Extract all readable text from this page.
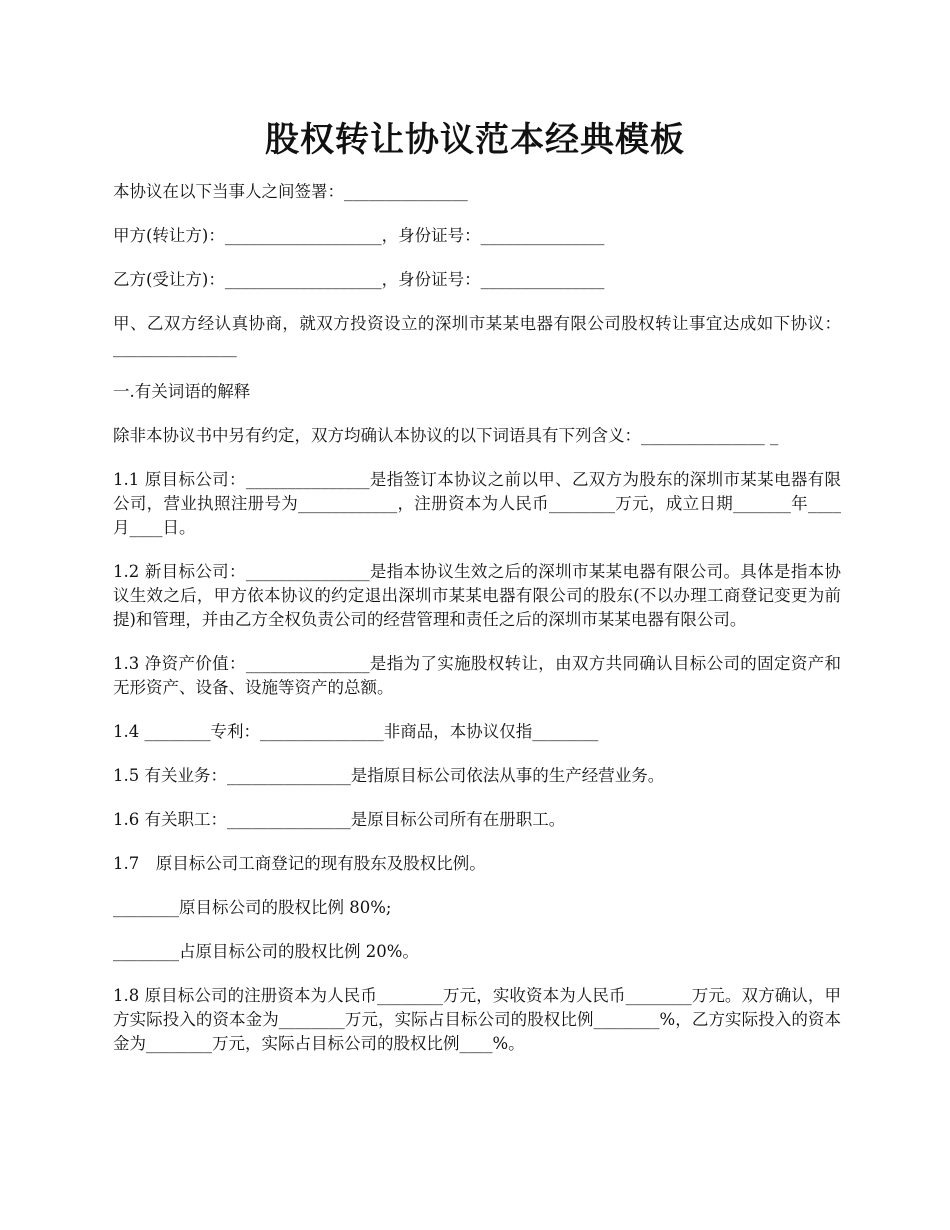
股权转让协议范本经典模板

本协议在以下当事人之间签署：_______________

甲方(转让方)：___________________，身份证号：_______________

乙方(受让方)：___________________，身份证号：_______________

甲、乙双方经认真协商，就双方投资设立的深圳市某某电器有限公司股权转让事宜达成如下协议：_______________

一.有关词语的解释

除非本协议书中另有约定，双方均确认本协议的以下词语具有下列含义：_______________ _

1.1 原目标公司：_______________是指签订本协议之前以甲、乙双方为股东的深圳市某某电器有限公司，营业执照注册号为____________，注册资本为人民币________万元，成立日期_______年____月____日。

1.2 新目标公司：_______________是指本协议生效之后的深圳市某某电器有限公司。具体是指本协议生效之后，甲方依本协议的约定退出深圳市某某电器有限公司的股东(不以办理工商登记变更为前提)和管理，并由乙方全权负责公司的经营管理和责任之后的深圳市某某电器有限公司。

1.3 净资产价值：_______________是指为了实施股权转让，由双方共同确认目标公司的固定资产和无形资产、设备、设施等资产的总额。

1.4 ________专利：_______________非商品，本协议仅指________

1.5 有关业务：_______________是指原目标公司依法从事的生产经营业务。

1.6 有关职工：_______________是原目标公司所有在册职工。

1.7　原目标公司工商登记的现有股东及股权比例。

________原目标公司的股权比例 80%;

________占原目标公司的股权比例 20%。

1.8 原目标公司的注册资本为人民币________万元，实收资本为人民币________万元。双方确认，甲方实际投入的资本金为________万元，实际占目标公司的股权比例________%，乙方实际投入的资本金为________万元，实际占目标公司的股权比例____%。
